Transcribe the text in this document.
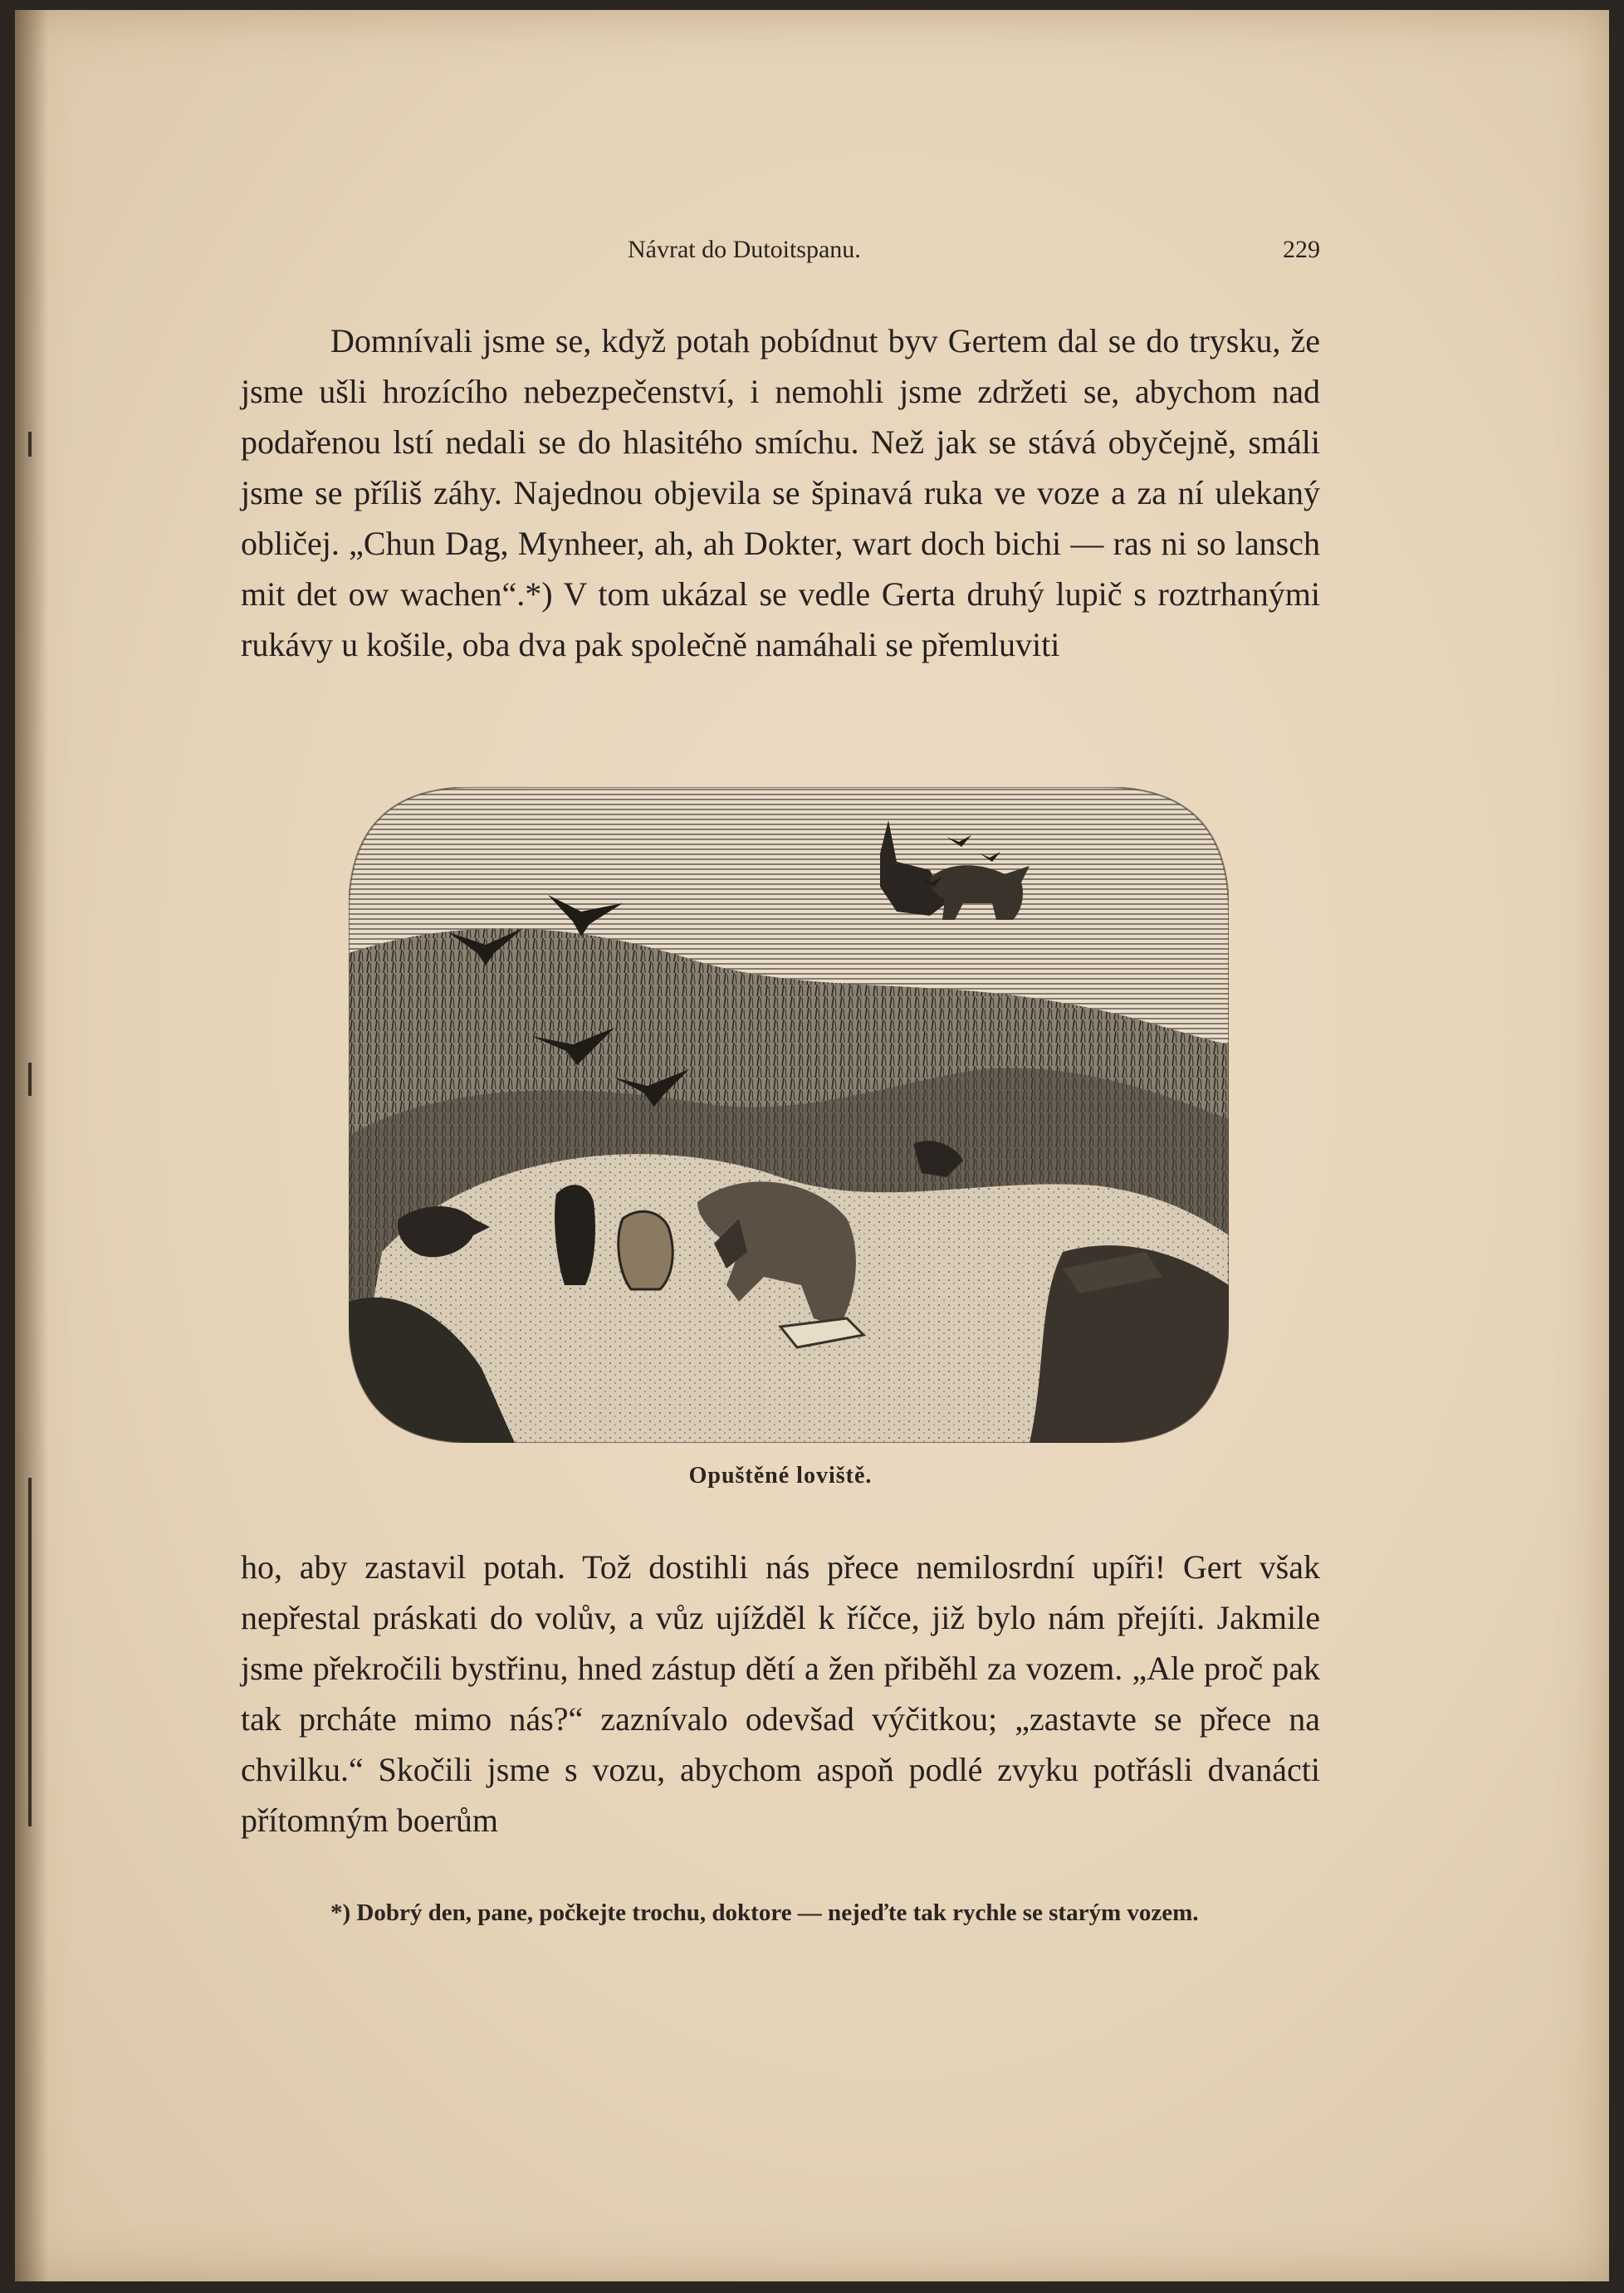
Návrat do Dutoitspanu.	229

Domnívali jsme se, když potah pobídnut byv Gertem dal se do trysku, že jsme ušli hrozícího nebezpečenství, i nemohli jsme zdržeti se, abychom nad podařenou lstí nedali se do hlasitého smíchu. Než jak se stává obyčejně, smáli jsme se příliš záhy. Najednou objevila se špinavá ruka ve voze a za ní ulekaný obličej. „Chun Dag, Mynheer, ah, ah Dokter, wart doch bichi — ras ni so lansch mit det ow wachen“.*) V tom ukázal se vedle Gerta druhý lupič s roztrhanými rukávy u košile, oba dva pak společně namáhali se přemluviti

Opuštěné loviště.

ho, aby zastavil potah. Tož dostihli nás přece nemilosrdní upíři! Gert však nepřestal práskati do volův, a vůz ujížděl k říčce, již bylo nám přejíti. Jakmile jsme překročili bystřinu, hned zástup dětí a žen přiběhl za vozem. „Ale proč pak tak prcháte mimo nás?“ zaznívalo odevšad výčitkou; „zastavte se přece na chvilku.“ Skočili jsme s vozu, abychom aspoň podlé zvyku potřásli dvanácti přítomným boerům

*) Dobrý den, pane, počkejte trochu, doktore — nejeďte tak rychle se starým vozem.
